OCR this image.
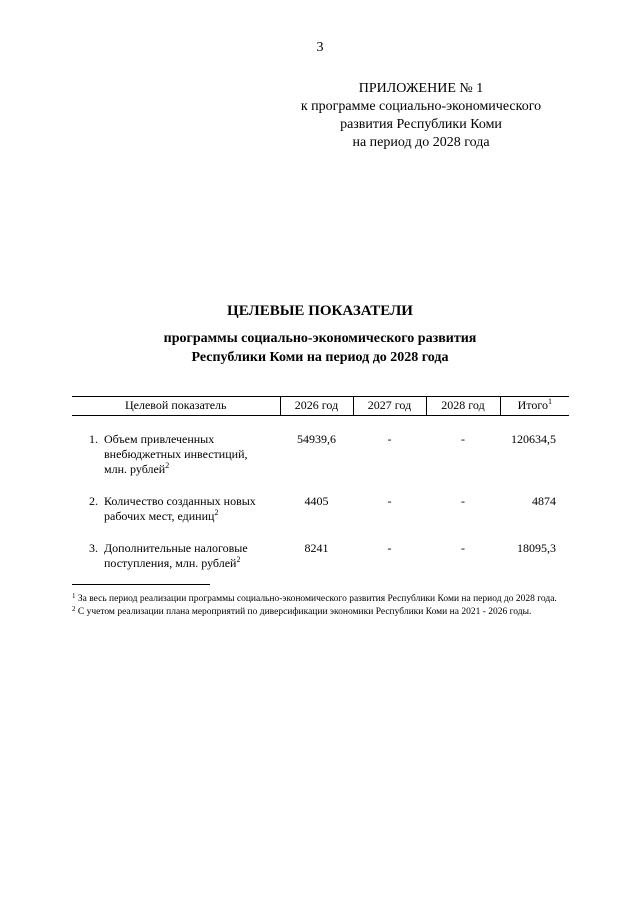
3
ПРИЛОЖЕНИЕ № 1
к программе социально-экономического
развития Республики Коми
на период до 2028 года
ЦЕЛЕВЫЕ ПОКАЗАТЕЛИ
программы социально-экономического развития
Республики Коми на период до 2028 года
Целевой показатель	2026 год	2027 год	2028 год	Итого$^1$
1. Объем привлеченных
внебюджетных инвестиций,
млн. рублей$^2$	54939,6	-	-	120634,5
2. Количество созданных новых
рабочих мест, единиц$^2$	4405	-	-	4874
3. Дополнительные налоговые
поступления, млн. рублей$^2$	8241	-	-	18095,3
$^1$ За весь период реализации программы социально-экономического развития Республики Коми на период до 2028 года.
$^2$ С учетом реализации плана мероприятий по диверсификации экономики Республики Коми на 2021 - 2026 годы.
